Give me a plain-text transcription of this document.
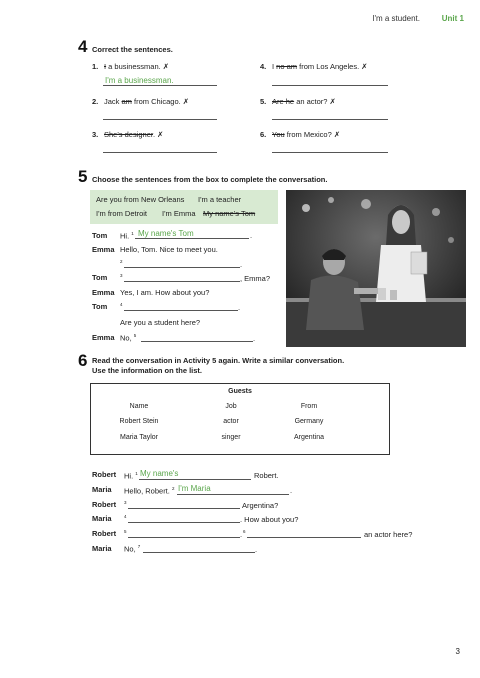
I'm a student.	Unit 1
4 Correct the sentences.
1. I a businessman. ✗
I'm a businessman.
2. Jack am from Chicago. ✗
3. She's designer. ✗
4. I no am from Los Angeles. ✗
5. Are he an actor? ✗
6. You from Mexico? ✗
5 Choose the sentences from the box to complete the conversation.
Are you from New Orleans I'm a teacher
I'm from Detroit I'm Emma My name's Tom
Tom Hi. $^1$ My name's Tom	.
Emma Hello, Tom. Nice to meet you.
$^2$	.
Tom	$^3$	, Emma?
Emma Yes, I am. How about you?
Tom	$^4$	.
Are you a student here?
Emma No, $^5$	.
6 Read the conversation in Activity 5 again. Write a similar conversation.
Use the information on the list.
Guests
Name	Job	From
Robert Stein	actor	Germany
Maria Taylor	singer	Argentina
Robert Hi. $^1$ My name's	Robert.
Maria Hello, Robert. $^2$ I'm Maria	.
Robert $^3$	Argentina?
Maria	$^4$	. How about you?
Robert $^5$	. $^6$	an actor here?
Maria No, $^7$	.
3
